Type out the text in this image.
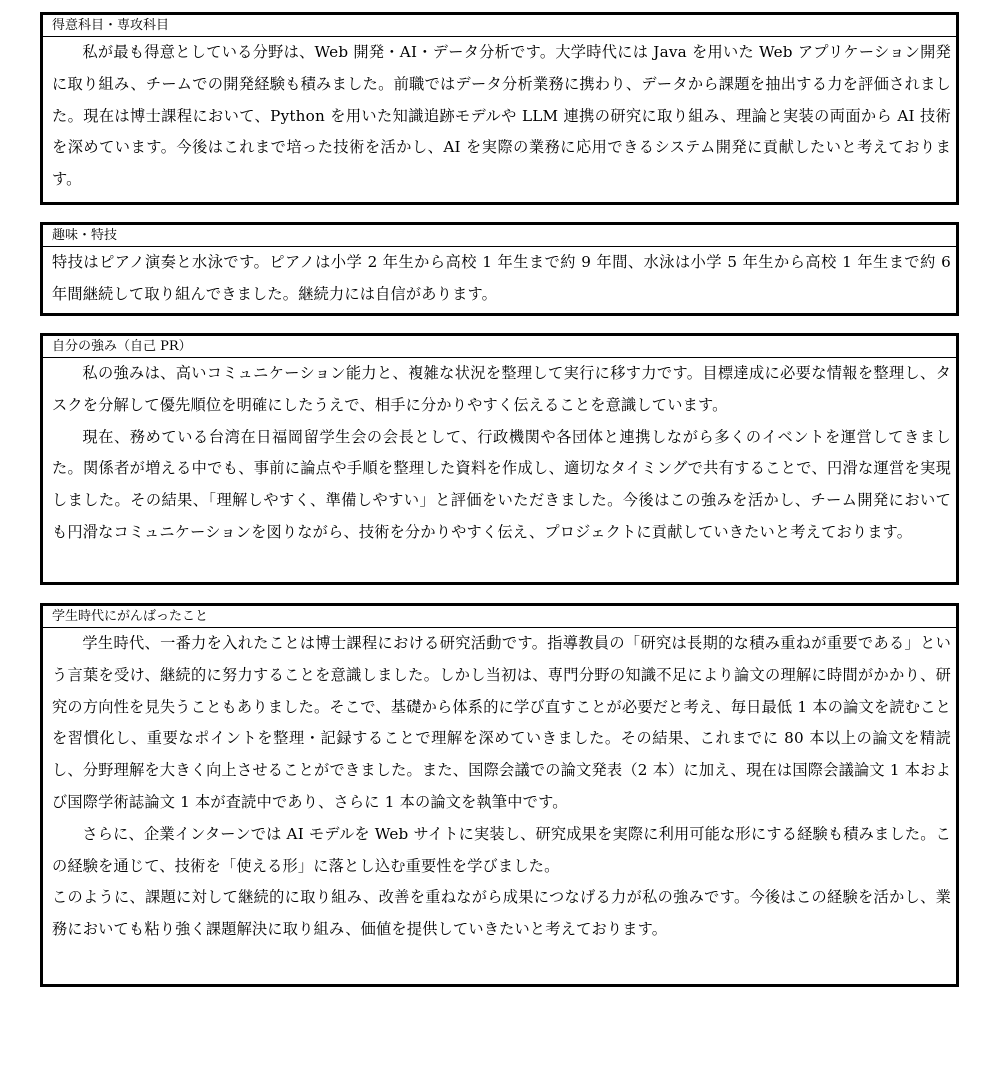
得意科目・専攻科目

私が最も得意としている分野は、Web 開発・AI・データ分析です。大学時代には Java を用いた Web アプリケーション開発に取り組み、チームでの開発経験も積みました。前職ではデータ分析業務に携わり、データから課題を抽出する力を評価されました。現在は博士課程において、Python を用いた知識追跡モデルや LLM 連携の研究に取り組み、理論と実装の両面から AI 技術を深めています。今後はこれまで培った技術を活かし、AI を実際の業務に応用できるシステム開発に貢献したいと考えております。

趣味・特技

特技はピアノ演奏と水泳です。ピアノは小学 2 年生から高校 1 年生まで約 9 年間、水泳は小学 5 年生から高校 1 年生まで約 6 年間継続して取り組んできました。継続力には自信があります。

自分の強み（自己 PR）

私の強みは、高いコミュニケーション能力と、複雑な状況を整理して実行に移す力です。目標達成に必要な情報を整理し、タスクを分解して優先順位を明確にしたうえで、相手に分かりやすく伝えることを意識しています。

現在、務めている台湾在日福岡留学生会の会長として、行政機関や各団体と連携しながら多くのイベントを運営してきました。関係者が増える中でも、事前に論点や手順を整理した資料を作成し、適切なタイミングで共有することで、円滑な運営を実現しました。その結果、「理解しやすく、準備しやすい」と評価をいただきました。今後はこの強みを活かし、チーム開発においても円滑なコミュニケーションを図りながら、技術を分かりやすく伝え、プロジェクトに貢献していきたいと考えております。

学生時代にがんばったこと

学生時代、一番力を入れたことは博士課程における研究活動です。指導教員の「研究は長期的な積み重ねが重要である」という言葉を受け、継続的に努力することを意識しました。しかし当初は、専門分野の知識不足により論文の理解に時間がかかり、研究の方向性を見失うこともありました。そこで、基礎から体系的に学び直すことが必要だと考え、毎日最低 1 本の論文を読むことを習慣化し、重要なポイントを整理・記録することで理解を深めていきました。その結果、これまでに 80 本以上の論文を精読し、分野理解を大きく向上させることができました。また、国際会議での論文発表（2 本）に加え、現在は国際会議論文 1 本および国際学術誌論文 1 本が査読中であり、さらに 1 本の論文を執筆中です。

さらに、企業インターンでは AI モデルを Web サイトに実装し、研究成果を実際に利用可能な形にする経験も積みました。この経験を通じて、技術を「使える形」に落とし込む重要性を学びました。

このように、課題に対して継続的に取り組み、改善を重ねながら成果につなげる力が私の強みです。今後はこの経験を活かし、業務においても粘り強く課題解決に取り組み、価値を提供していきたいと考えております。
